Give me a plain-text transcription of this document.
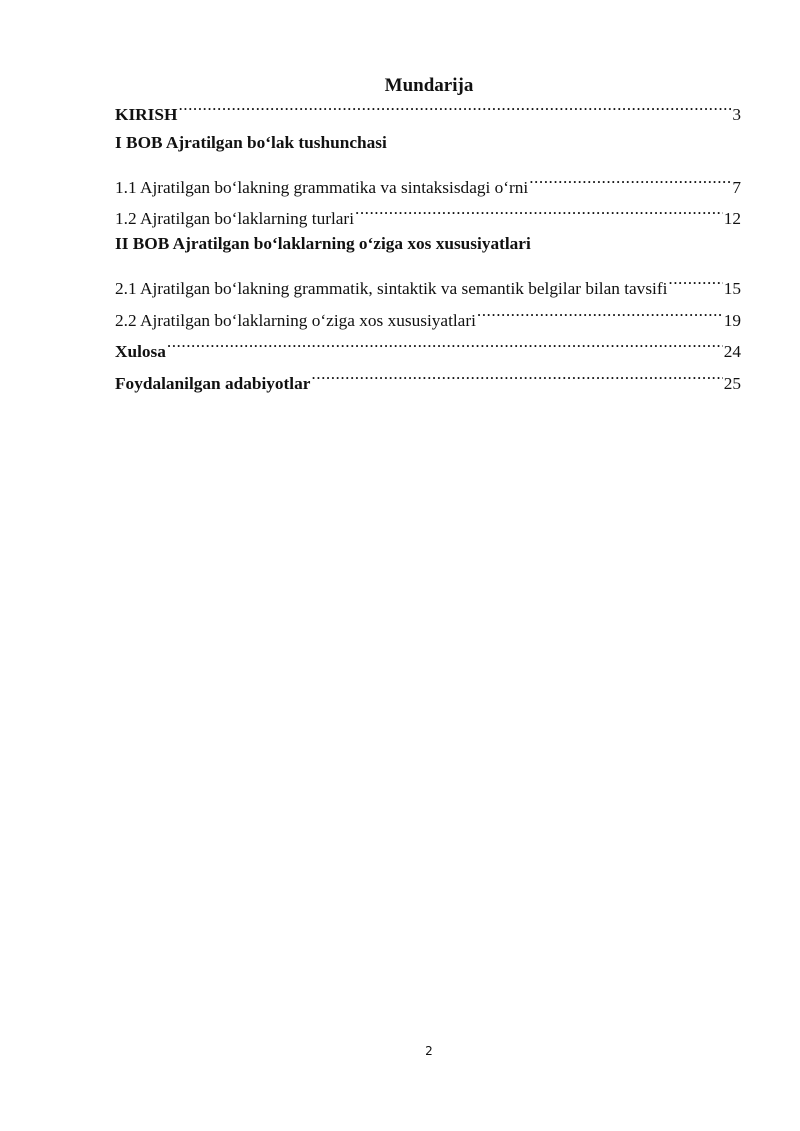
Mundarija
KIRISH .....	3
I BOB Ajratilgan bo‘lak tushunchasi
1.1 Ajratilgan bo‘lakning grammatika va sintaksisdagi o‘rni .....	7
1.2 Ajratilgan bo‘laklarning turlari .....	12
II BOB Ajratilgan bo‘laklarning o‘ziga xos xususiyatlari
2.1 Ajratilgan bo‘lakning grammatik, sintaktik va semantik belgilar bilan tavsifi .....	15
2.2 Ajratilgan bo‘laklarning o‘ziga xos xususiyatlari .....	19
Xulosa .....	24
Foydalanilgan adabiyotlar .....	25
2
